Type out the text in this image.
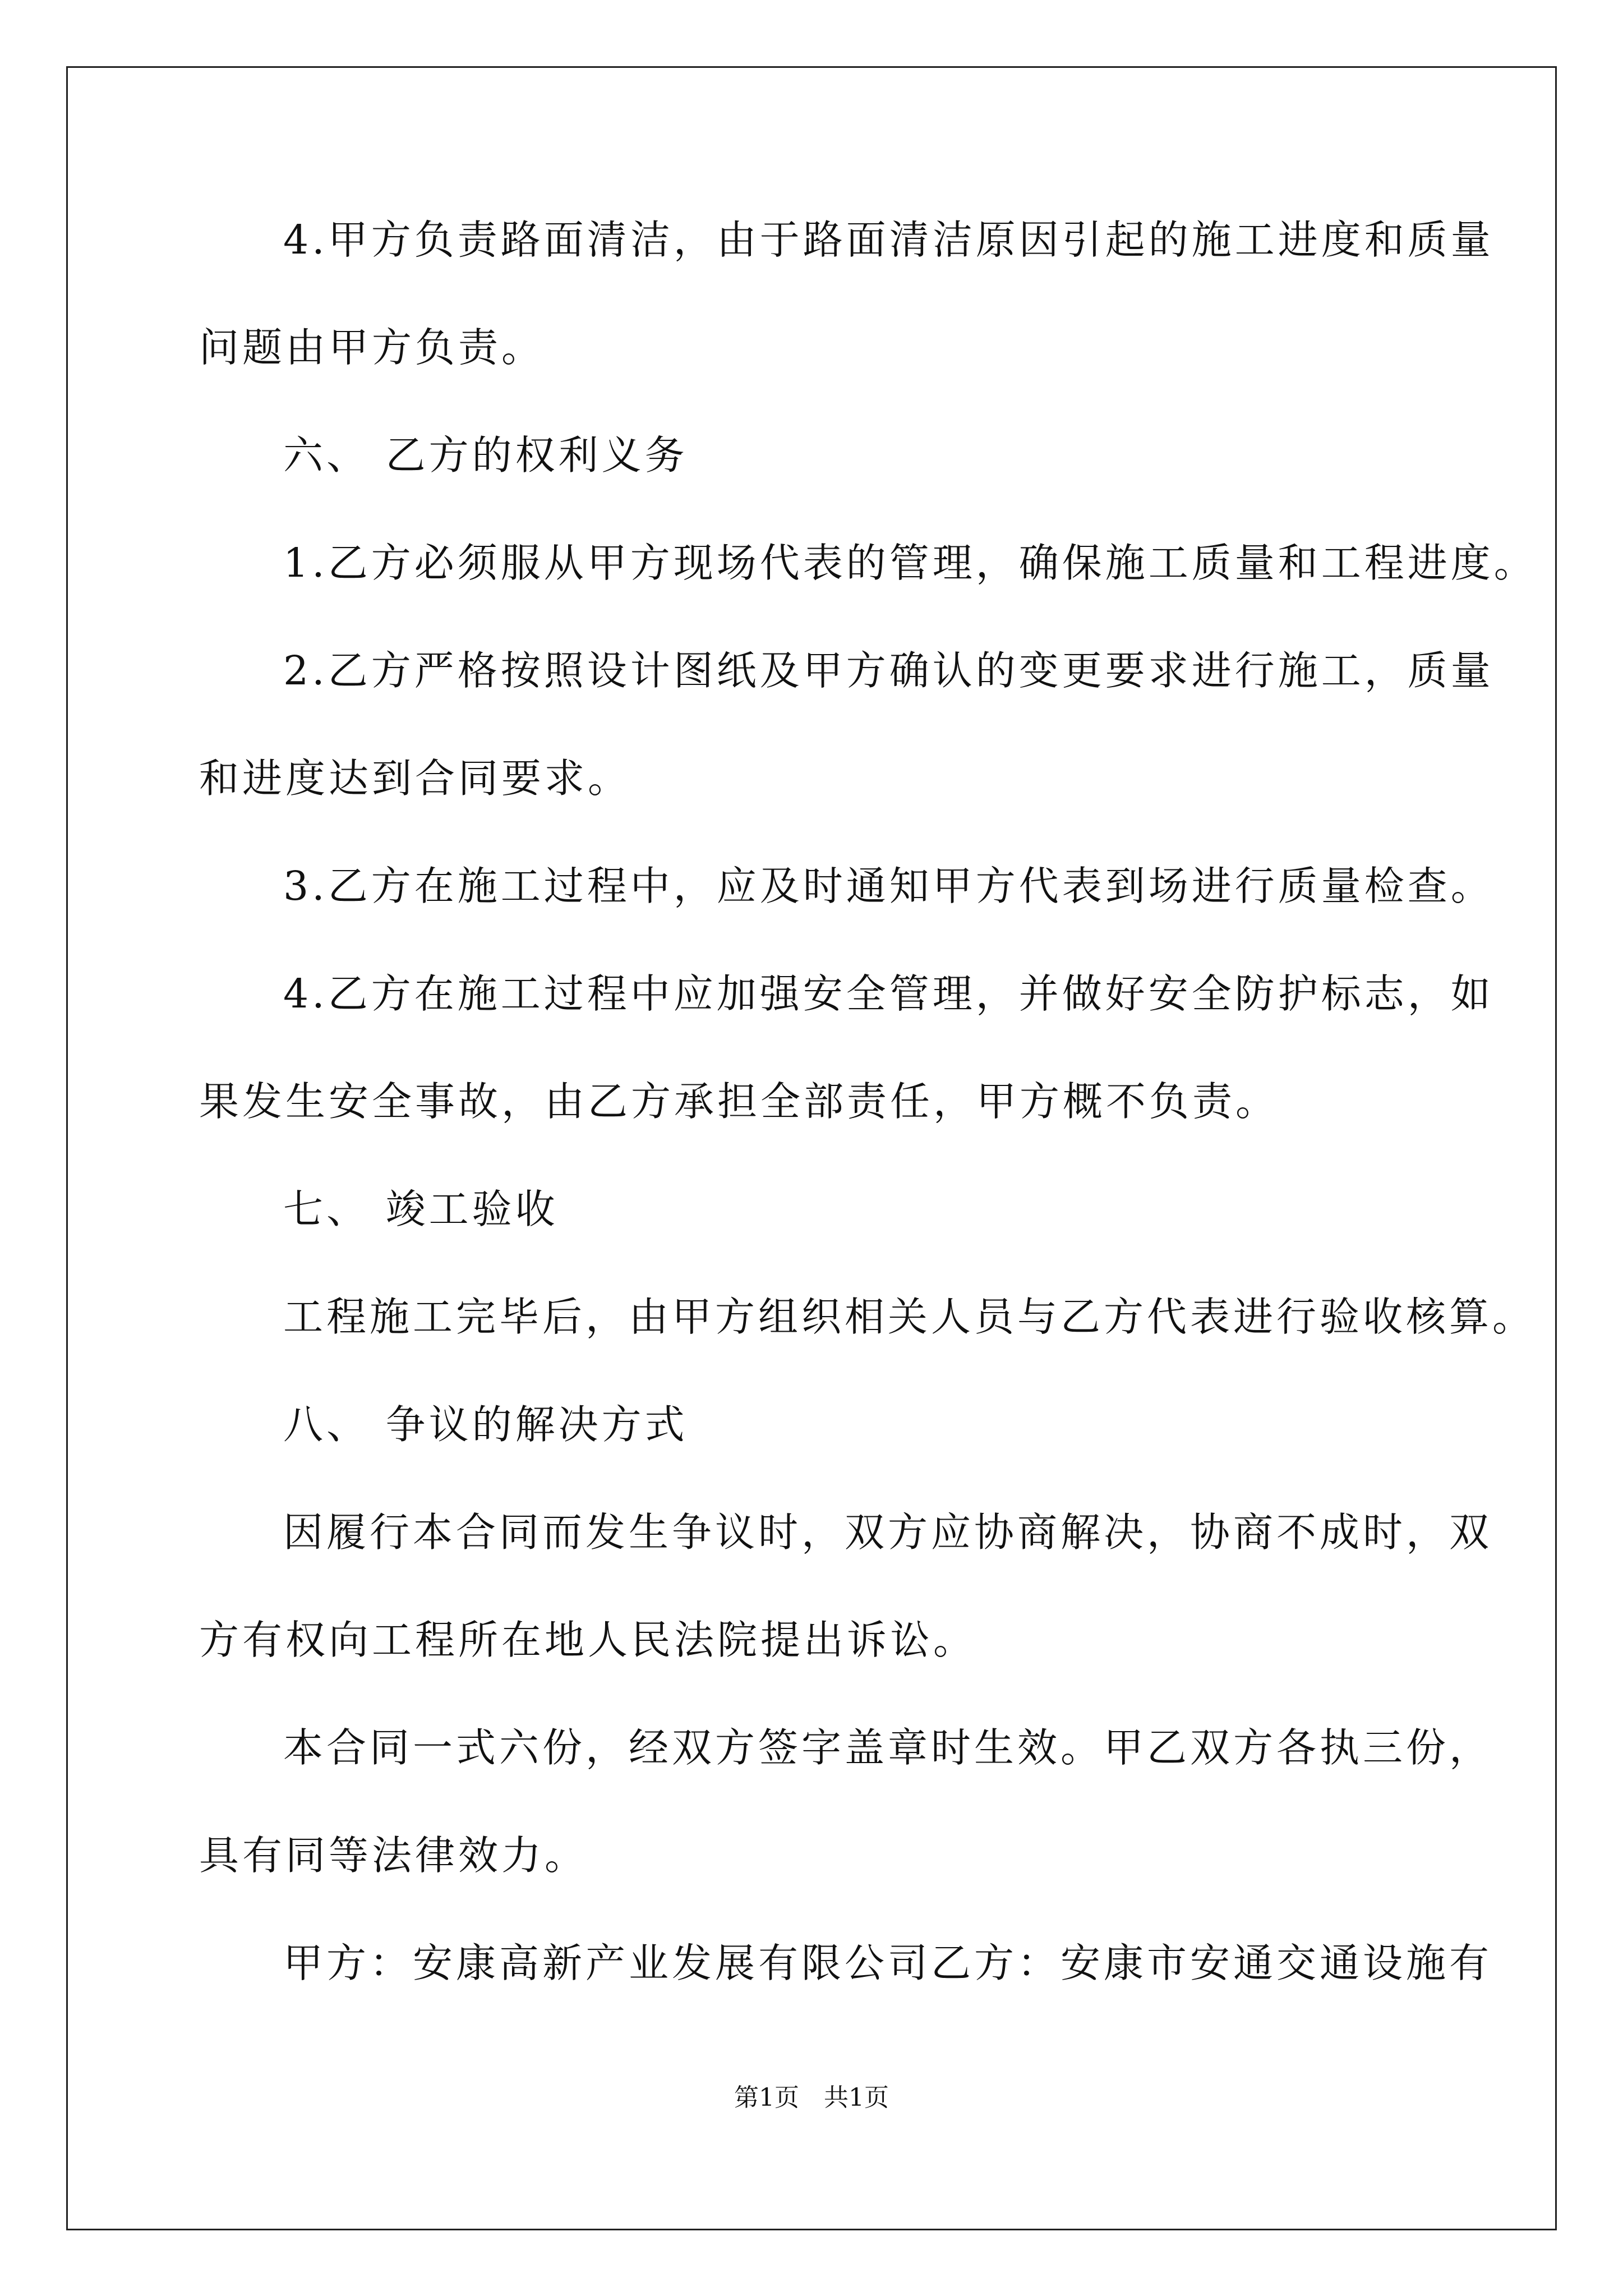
4.甲方负责路面清洁，由于路面清洁原因引起的施工进度和质量

问题由甲方负责。

六、 乙方的权利义务

1.乙方必须服从甲方现场代表的管理，确保施工质量和工程进度。

2.乙方严格按照设计图纸及甲方确认的变更要求进行施工，质量

和进度达到合同要求。

3.乙方在施工过程中，应及时通知甲方代表到场进行质量检查。

4.乙方在施工过程中应加强安全管理，并做好安全防护标志，如

果发生安全事故，由乙方承担全部责任，甲方概不负责。

七、 竣工验收

工程施工完毕后，由甲方组织相关人员与乙方代表进行验收核算。

八、 争议的解决方式

因履行本合同而发生争议时，双方应协商解决，协商不成时，双

方有权向工程所在地人民法院提出诉讼。

本合同一式六份，经双方签字盖章时生效。甲乙双方各执三份，

具有同等法律效力。

甲方：安康高新产业发展有限公司乙方：安康市安通交通设施有

第1页　共1页
